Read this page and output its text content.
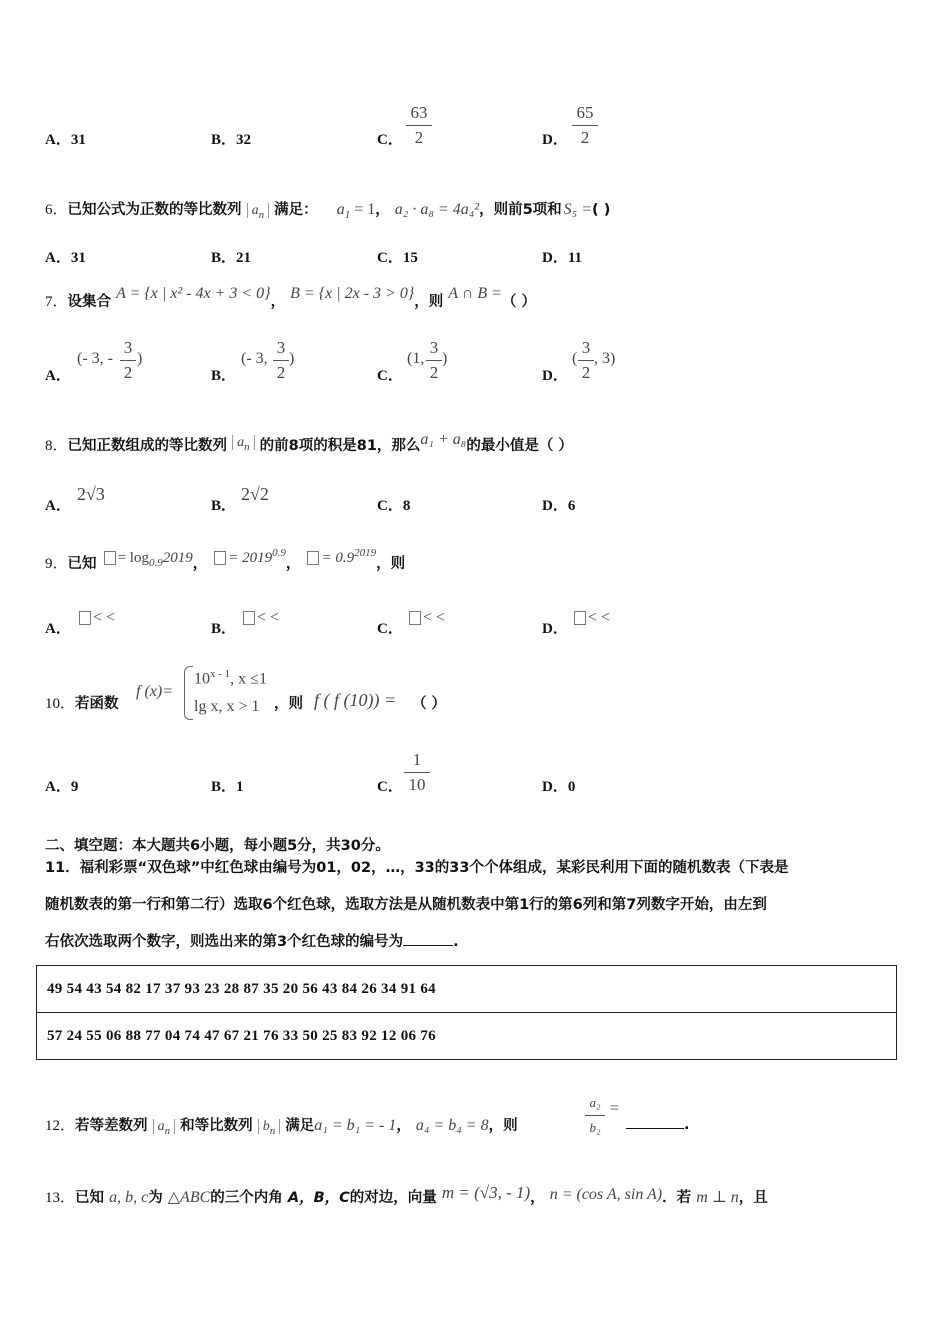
A．31	B．32	C．
63
2	D．
65
2
6．已知公式为正数的等比数列 $a_n$ 满足： $a_1 = 1$， a₂ · a₈ = 4a₄²，则前5项和 S₅ =( )
A．31	B．21	C．15	D．11
7．设集合 A = {x | x² - 4x + 3 < 0}， B = {x | 2x - 3 > 0}，则 A ∩ B =（ ）
A．
(- 3, -
3
2
)
B．
(- 3,
3
2
)
C．
(1,
3
2
)
D．
(
3
2
, 3)
8．已知正数组成的等比数列 $a_n$ 的前8项的积是81，那么a₁ + a₈的最小值是（ ）
A．
2√3
B．
2√2
C．8	D．6
9．已知 = $\log_{0.9}2019$， = $2019^{0.9}$， = $0.9^{2019}$，则
A．
< <
B．
< <
C．
< <
D．
< <
10．若函数
f (x)=
$10^{x - 1}$, x ≤1
lg x, x > 1 ，则 f ( f (10)) = （ ）
A．9	B．1	C．
1
10	D．0
二、填空题：本大题共6小题，每小题5分，共30分。
11．福利彩票“双色球”中红色球由编号为01，02，…，33的33个个体组成，某彩民利用下面的随机数表（下表是
随机数表的第一行和第二行）选取6个红色球，选取方法是从随机数表中第1行的第6列和第7列数字开始，由左到
右依次选取两个数字，则选出来的第3个红色球的编号为	.
49 54 43 54 82 17 37 93 23 28 87 35 20 56 43 84 26 34 91 64
57 24 55 06 88 77 04 74 47 67 21 76 33 50 25 83 92 12 06 76
12．若等差数列 $a_n$ 和等比数列 $b_n$ 满足a₁ = b₁ = - 1， a₄ = b₄ = 8，则
a₂
b₂
=
.
13．已知 a, b, c为 △ABC的三个内角 A，B，C的对边，向量 m = (√3, - 1)， n = (cos A, sin A)．若 m ⊥ n，且
